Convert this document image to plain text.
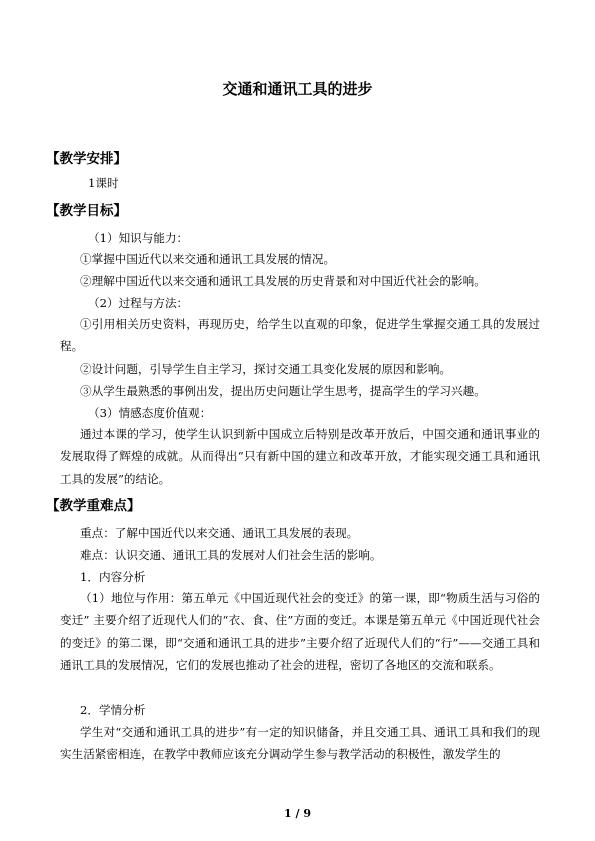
交通和通讯工具的进步
【教学安排】
1课时
【教学目标】
（1）知识与能力：
①掌握中国近代以来交通和通讯工具发展的情况。
②理解中国近代以来交通和通讯工具发展的历史背景和对中国近代社会的影响。
（2）过程与方法：
①引用相关历史资料，再现历史，给学生以直观的印象，促进学生掌握交通工具的发展过程。
②设计问题，引导学生自主学习，探讨交通工具变化发展的原因和影响。
③从学生最熟悉的事例出发，提出历史问题让学生思考，提高学生的学习兴趣。
（3）情感态度价值观：
通过本课的学习，使学生认识到新中国成立后特别是改革开放后，中国交通和通讯事业的发展取得了辉煌的成就。从而得出“只有新中国的建立和改革开放，才能实现交通工具和通讯工具的发展”的结论。
【教学重难点】
重点：了解中国近代以来交通、通讯工具发展的表现。
难点：认识交通、通讯工具的发展对人们社会生活的影响。
1．内容分析
（1）地位与作用：第五单元《中国近现代社会的变迁》的第一课，即“物质生活与习俗的变迁” 主要介绍了近现代人们的“衣、食、住”方面的变迁。本课是第五单元《中国近现代社会的变迁》的第二课，即“交通和通讯工具的进步”主要介绍了近现代人们的“行”——交通工具和通讯工具的发展情况，它们的发展也推动了社会的进程，密切了各地区的交流和联系。
2．学情分析
学生对“交通和通讯工具的进步”有一定的知识储备，并且交通工具、通讯工具和我们的现实生活紧密相连，在教学中教师应该充分调动学生参与教学活动的积极性，激发学生的
1 / 9
